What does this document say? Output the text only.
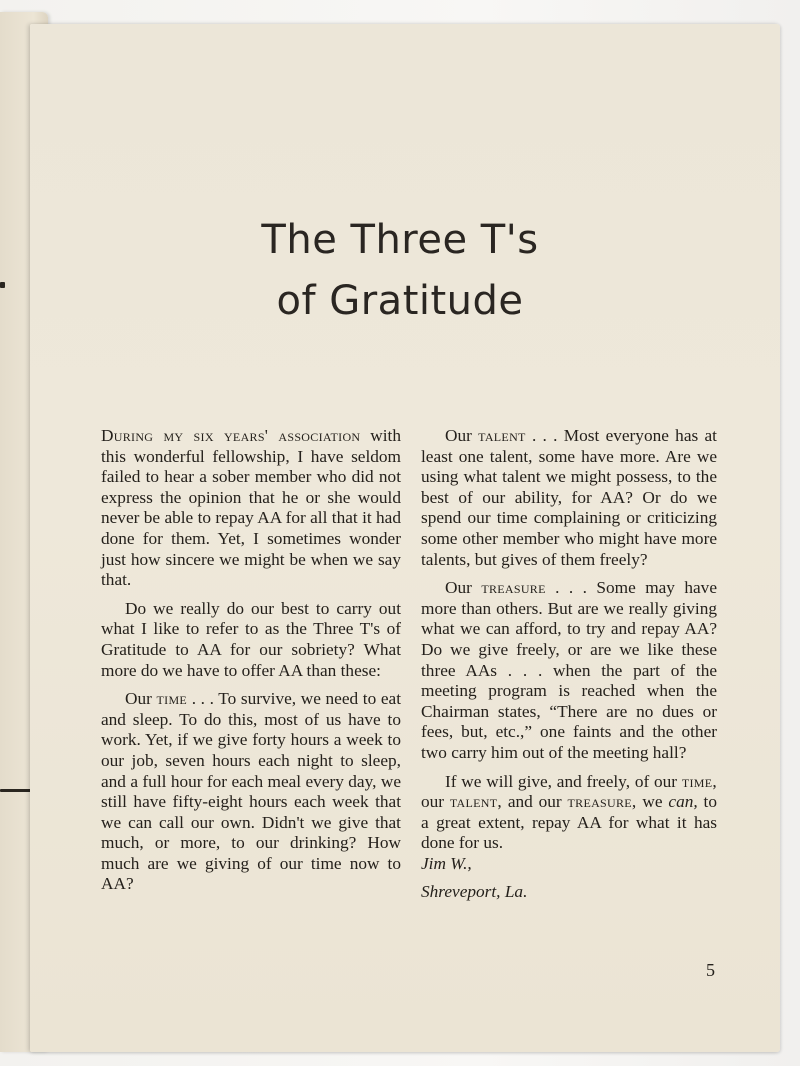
The Three T's
of Gratitude

During my six years' association with this wonderful fellowship, I have seldom failed to hear a sober member who did not express the opinion that he or she would never be able to repay AA for all that it had done for them. Yet, I sometimes wonder just how sincere we might be when we say that.

Do we really do our best to carry out what I like to refer to as the Three T's of Gratitude to AA for our sobriety? What more do we have to offer AA than these:

Our time . . . To survive, we need to eat and sleep. To do this, most of us have to work. Yet, if we give forty hours a week to our job, seven hours each night to sleep, and a full hour for each meal every day, we still have fifty-eight hours each week that we can call our own. Didn't we give that much, or more, to our drinking? How much are we giving of our time now to AA?

Our talent . . . Most everyone has at least one talent, some have more. Are we using what talent we might possess, to the best of our ability, for AA? Or do we spend our time complaining or criticizing some other member who might have more talents, but gives of them freely?

Our treasure . . . Some may have more than others. But are we really giving what we can afford, to try and repay AA? Do we give freely, or are we like these three AAs . . . when the part of the meeting program is reached when the Chairman states, “There are no dues or fees, but, etc.,” one faints and the other two carry him out of the meeting hall?

If we will give, and freely, of our time, our talent, and our treasure, we can, to a great extent, repay AA for what it has done for us.

Jim W.,

Shreveport, La.

5
